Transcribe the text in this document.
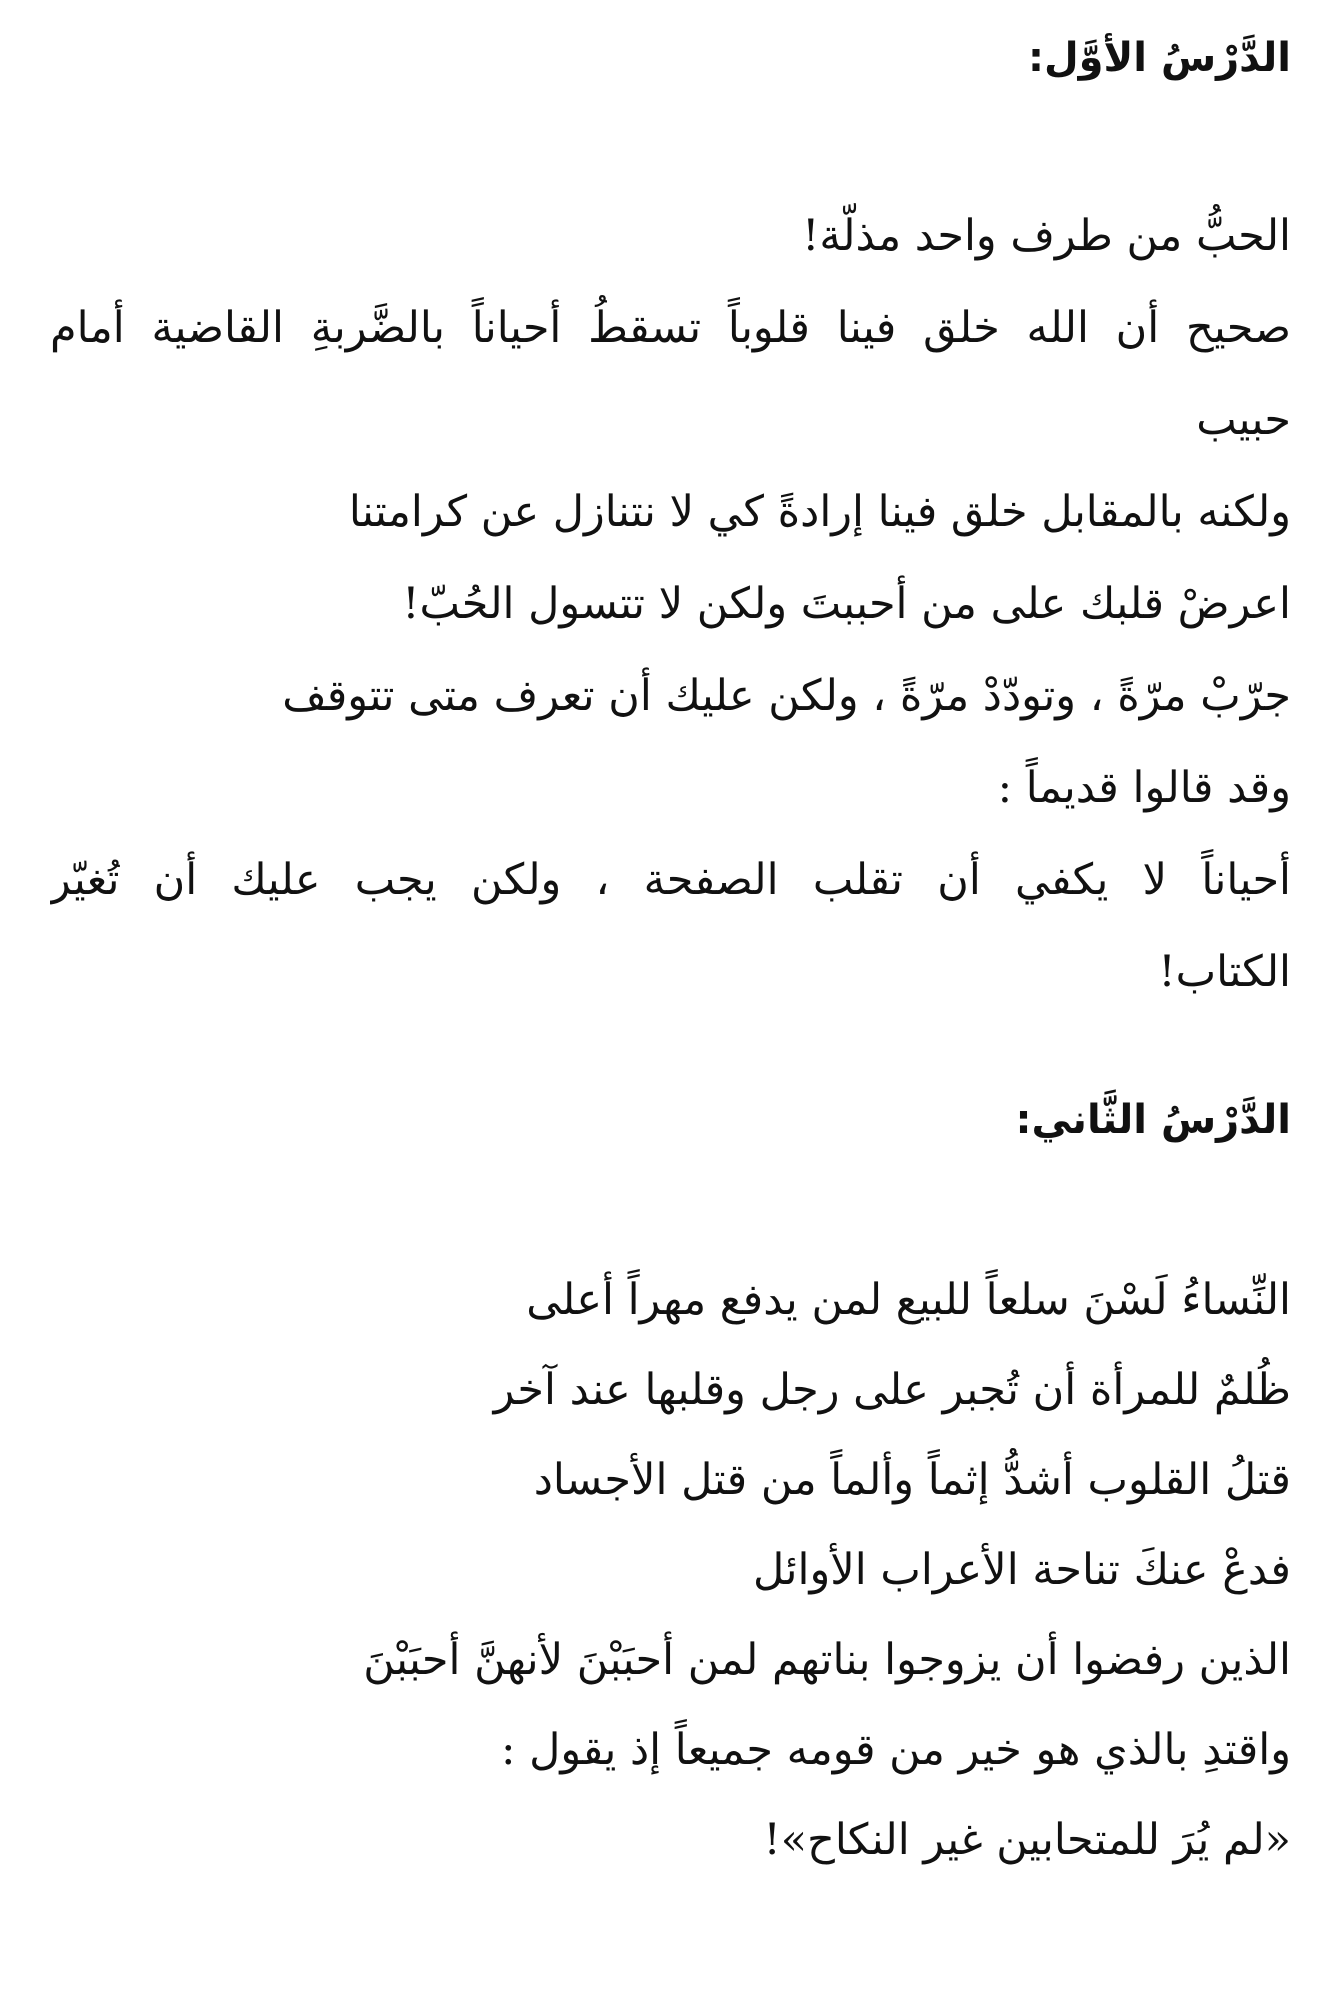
الدَّرْسُ الأوَّل:
الحبُّ من طرف واحد مذلّة!
صحيح أن الله خلق فينا قلوباً تسقطُ أحياناً بالضَّربةِ القاضية أمام
حبيب
ولكنه بالمقابل خلق فينا إرادةً كي لا نتنازل عن كرامتنا
اعرضْ قلبك على من أحببتَ ولكن لا تتسول الحُبّ!
جرّبْ مرّةً ، وتودّدْ مرّةً ، ولكن عليك أن تعرف متى تتوقف
وقد قالوا قديماً :
أحياناً لا يكفي أن تقلب الصفحة ، ولكن يجب عليك أن تُغيّر
الكتاب!
الدَّرْسُ الثَّاني:
النِّساءُ لَسْنَ سلعاً للبيع لمن يدفع مهراً أعلى
ظُلمٌ للمرأة أن تُجبر على رجل وقلبها عند آخر
قتلُ القلوب أشدُّ إثماً وألماً من قتل الأجساد
فدعْ عنكَ تناحة الأعراب الأوائل
الذين رفضوا أن يزوجوا بناتهم لمن أحبَبْنَ لأنهنَّ أحبَبْنَ
واقتدِ بالذي هو خير من قومه جميعاً إذ يقول :
«لم يُرَ للمتحابين غير النكاح»!
